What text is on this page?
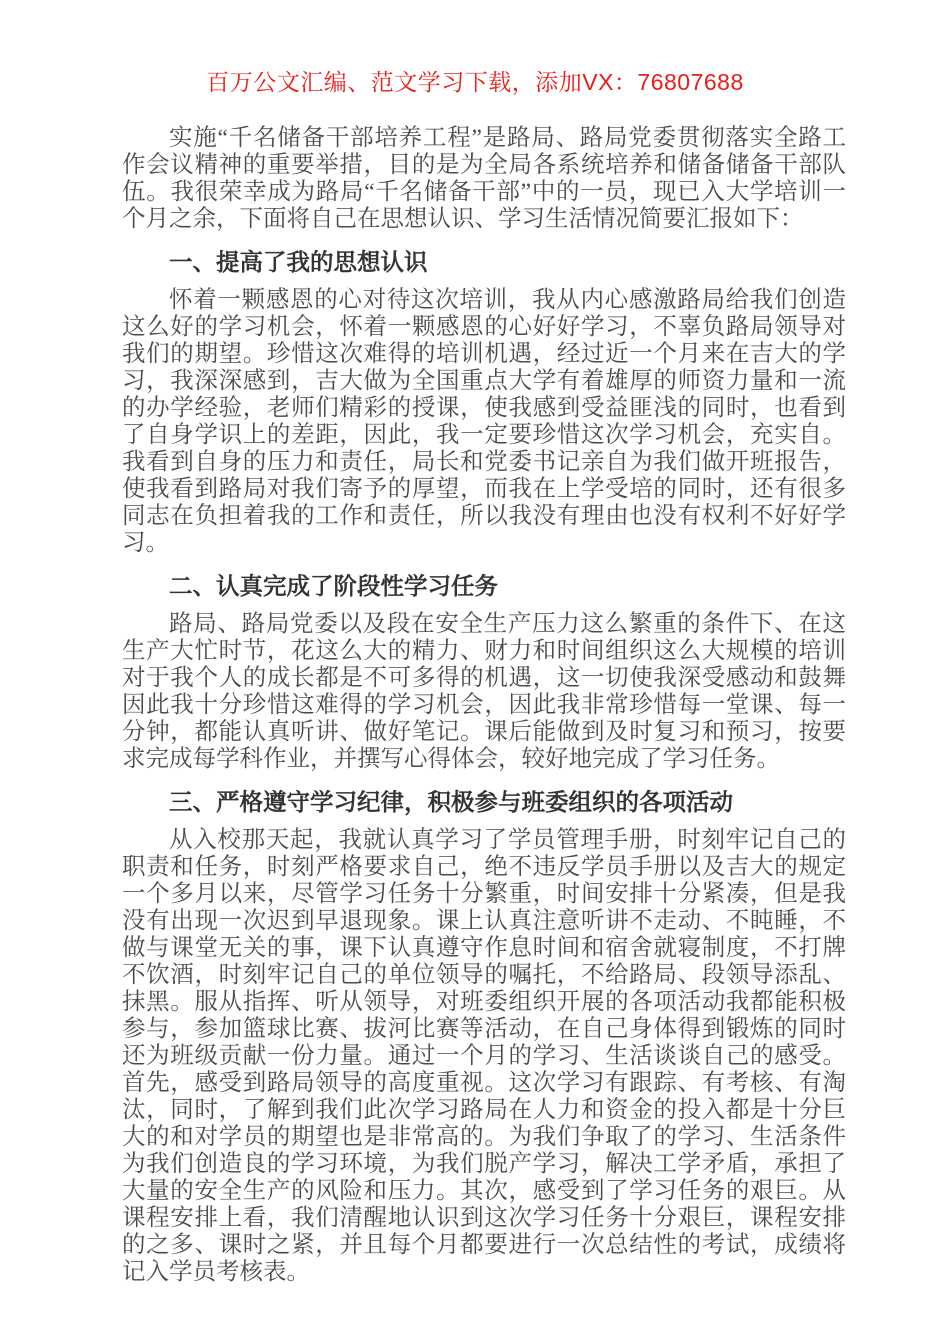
百万公文汇编、范文学习下载，添加VX：76807688

实施“千名储备干部培养工程”是路局、路局党委贯彻落实全路工作会议精神的重要举措，目的是为全局各系统培养和储备储备干部队伍。我很荣幸成为路局“千名储备干部”中的一员，现已入大学培训一个月之余，下面将自己在思想认识、学习生活情况简要汇报如下：

一、提高了我的思想认识

怀着一颗感恩的心对待这次培训，我从内心感激路局给我们创造这么好的学习机会，怀着一颗感恩的心好好学习，不辜负路局领导对我们的期望。珍惜这次难得的培训机遇，经过近一个月来在吉大的学习，我深深感到，吉大做为全国重点大学有着雄厚的师资力量和一流的办学经验，老师们精彩的授课，使我感到受益匪浅的同时，也看到了自身学识上的差距，因此，我一定要珍惜这次学习机会，充实自。我看到自身的压力和责任，局长和党委书记亲自为我们做开班报告，使我看到路局对我们寄予的厚望，而我在上学受培的同时，还有很多同志在负担着我的工作和责任，所以我没有理由也没有权利不好好学习。

二、认真完成了阶段性学习任务

路局、路局党委以及段在安全生产压力这么繁重的条件下、在这生产大忙时节，花这么大的精力、财力和时间组织这么大规模的培训对于我个人的成长都是不可多得的机遇，这一切使我深受感动和鼓舞因此我十分珍惜这难得的学习机会，因此我非常珍惜每一堂课、每一分钟，都能认真听讲、做好笔记。课后能做到及时复习和预习，按要求完成每学科作业，并撰写心得体会，较好地完成了学习任务。

三、严格遵守学习纪律，积极参与班委组织的各项活动

从入校那天起，我就认真学习了学员管理手册，时刻牢记自己的职责和任务，时刻严格要求自己，绝不违反学员手册以及吉大的规定一个多月以来，尽管学习任务十分繁重，时间安排十分紧凑，但是我没有出现一次迟到早退现象。课上认真注意听讲不走动、不盹睡，不做与课堂无关的事，课下认真遵守作息时间和宿舍就寝制度，不打牌不饮酒，时刻牢记自己的单位领导的嘱托，不给路局、段领导添乱、抹黑。服从指挥、听从领导，对班委组织开展的各项活动我都能积极参与，参加篮球比赛、拔河比赛等活动，在自己身体得到锻炼的同时还为班级贡献一份力量。通过一个月的学习、生活谈谈自己的感受。首先，感受到路局领导的高度重视。这次学习有跟踪、有考核、有淘汰，同时，了解到我们此次学习路局在人力和资金的投入都是十分巨大的和对学员的期望也是非常高的。为我们争取了的学习、生活条件为我们创造良的学习环境，为我们脱产学习，解决工学矛盾，承担了大量的安全生产的风险和压力。其次，感受到了学习任务的艰巨。从课程安排上看，我们清醒地认识到这次学习任务十分艰巨，课程安排的之多、课时之紧，并且每个月都要进行一次总结性的考试，成绩将记入学员考核表。
